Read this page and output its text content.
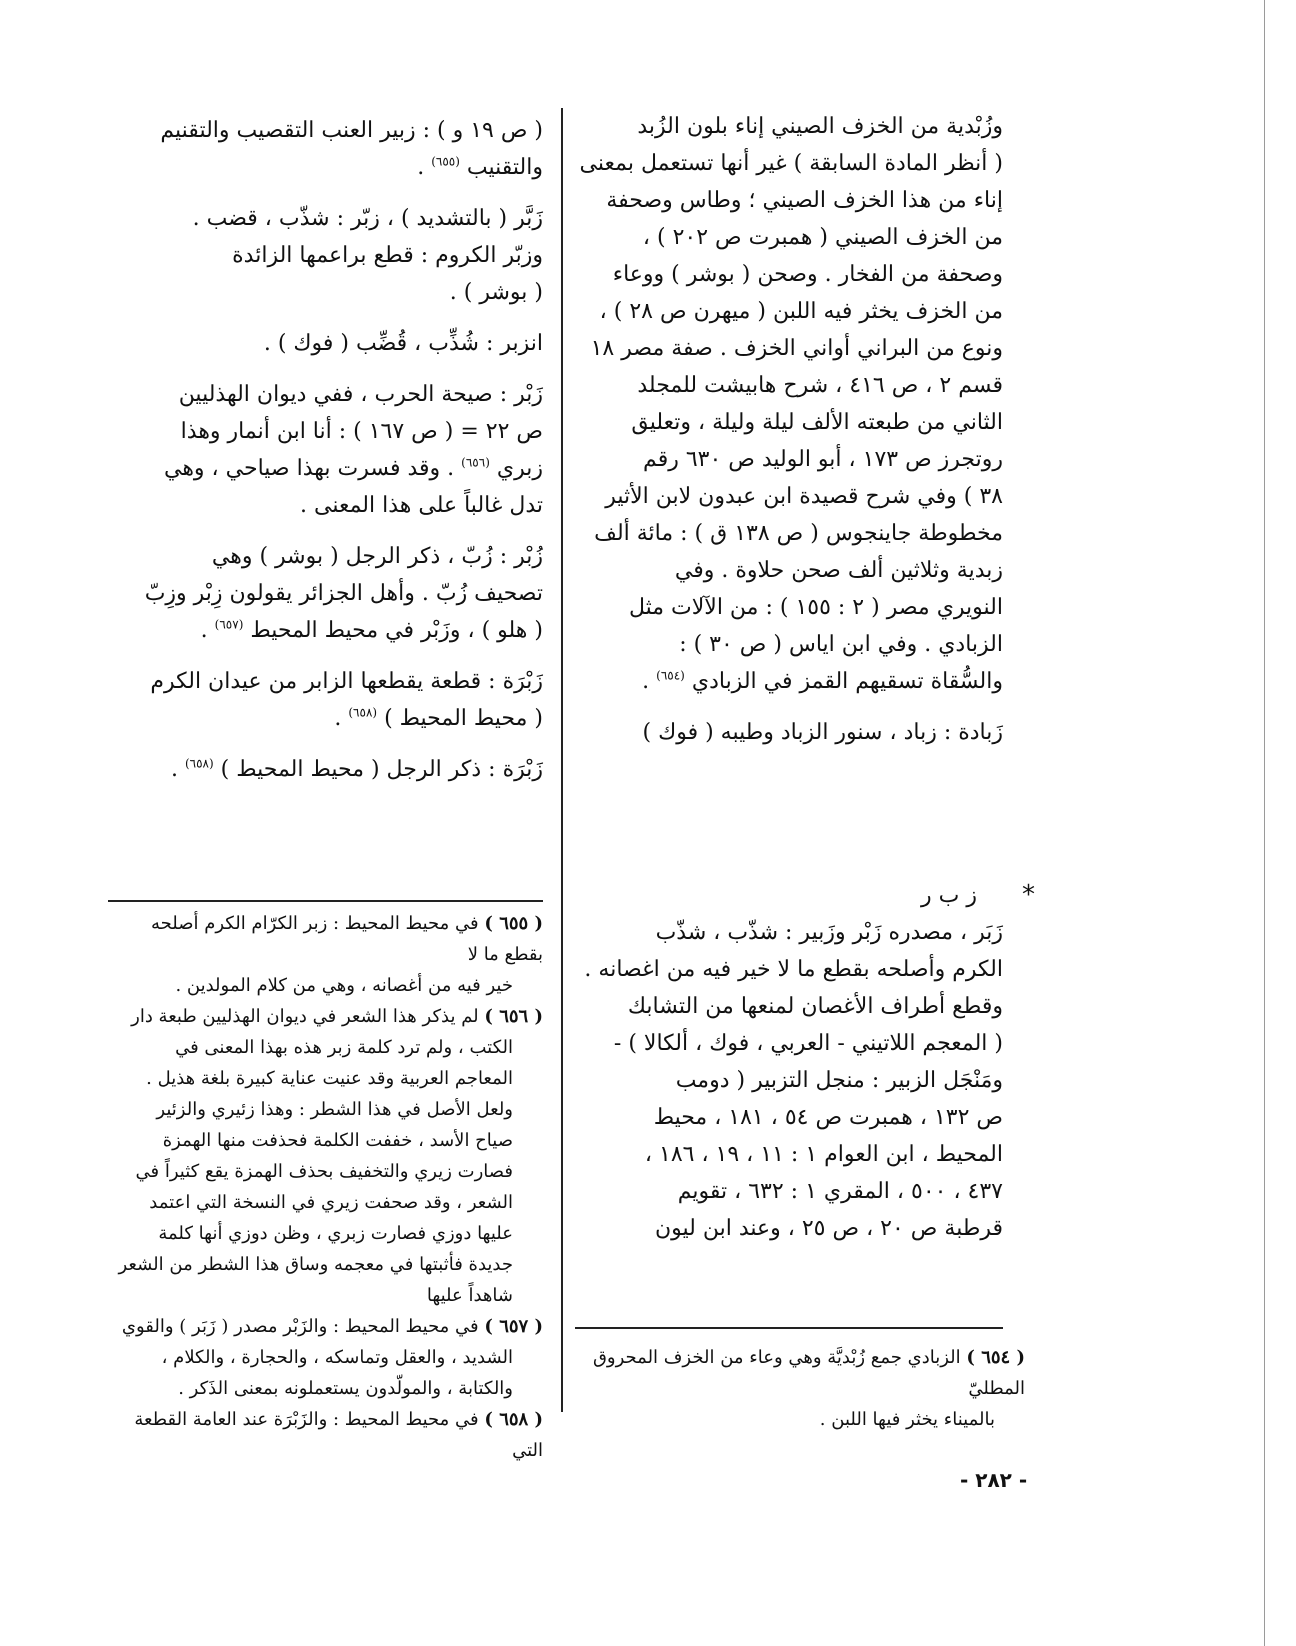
وزُبْدية من الخزف الصيني إناء بلون الزُبد
( أنظر المادة السابقة ) غير أنها تستعمل بمعنى
إناء من هذا الخزف الصيني ؛ وطاس وصحفة
من الخزف الصيني ( همبرت ص ٢٠٢ ) ،
وصحفة من الفخار . وصحن ( بوشر ) ووعاء
من الخزف يخثر فيه اللبن ( ميهرن ص ٢٨ ) ،
ونوع من البراني أواني الخزف . صفة مصر ١٨
قسم ٢ ، ص ٤١٦ ، شرح هابيشت للمجلد
الثاني من طبعته الألف ليلة وليلة ، وتعليق
روتجرز ص ١٧٣ ، أبو الوليد ص ٦٣٠ رقم
٣٨ ) وفي شرح قصيدة ابن عبدون لابن الأثير
مخطوطة جاينجوس ( ص ١٣٨ ق ) : مائة ألف
زبدية وثلاثين ألف صحن حلاوة . وفي
النويري مصر ( ٢ : ١٥٥ ) : من الآلات مثل
الزبادي . وفي ابن اياس ( ص ٣٠ ) :
والسُّقاة تسقيهم القمز في الزبادي $^{(٦٥٤)}$ .

زَبادة : زباد ، سنور الزباد وطيبه ( فوك )

*
ز ب ر

زَبَر ، مصدره زَبْر وزَبير : شذّب ، شذّب
الكرم وأصلحه بقطع ما لا خير فيه من اغصانه .
وقطع أطراف الأغصان لمنعها من التشابك
( المعجم اللاتيني - العربي ، فوك ، ألكالا ) -
ومَنْجَل الزبير : منجل التزبير ( دومب
ص ١٣٢ ، همبرت ص ٥٤ ، ١٨١ ، محيط
المحيط ، ابن العوام ١ : ١١ ، ١٩ ، ١٨٦ ،
٤٣٧ ، ٥٠٠ ، المقري ١ : ٦٣٢ ، تقويم
قرطبة ص ٢٠ ، ص ٢٥ ، وعند ابن ليون

( ٦٥٤ ) الزبادي جمع زُبْديَّة وهي وعاء من الخزف المحروق المطليّ

بالميناء يخثر فيها اللبن .

( ص ١٩ و ) : زبير العنب التقصيب والتقنيم
والتقنيب $^{(٦٥٥)}$ .

زَبَّر ( بالتشديد ) ، زبّر : شذّب ، قضب .
وزبّر الكروم : قطع براعمها الزائدة
( بوشر ) .

انزبر : شُذِّب ، قُضِّب ( فوك ) .

زَبْر : صيحة الحرب ، ففي ديوان الهذليين
ص ٢٢ = ( ص ١٦٧ ) : أنا ابن أنمار وهذا
زبري $^{(٦٥٦)}$ . وقد فسرت بهذا صياحي ، وهي
تدل غالباً على هذا المعنى .

زُبْر : زُبّ ، ذكر الرجل ( بوشر ) وهي
تصحيف زُبّ . وأهل الجزائر يقولون زِبْر وزِبّ
( هلو ) ، وزَبْر في محيط المحيط $^{(٦٥٧)}$ .

زَبْرَة : قطعة يقطعها الزابر من عيدان الكرم
( محيط المحيط ) $^{(٦٥٨)}$ .

زَبْرَة : ذكر الرجل ( محيط المحيط ) $^{(٦٥٨)}$ .

( ٦٥٥ ) في محيط المحيط : زبر الكرّام الكرم أصلحه بقطع ما لا

خير فيه من أغصانه ، وهي من كلام المولدين .

( ٦٥٦ ) لم يذكر هذا الشعر في ديوان الهذليين طبعة دار

الكتب ، ولم ترد كلمة زبر هذه بهذا المعنى في

المعاجم العربية وقد عنيت عناية كبيرة بلغة هذيل .

ولعل الأصل في هذا الشطر : وهذا زئيري والزئير

صياح الأسد ، خففت الكلمة فحذفت منها الهمزة

فصارت زيري والتخفيف بحذف الهمزة يقع كثيراً في

الشعر ، وقد صحفت زيري في النسخة التي اعتمد

عليها دوزي فصارت زبري ، وظن دوزي أنها كلمة

جديدة فأثبتها في معجمه وساق هذا الشطر من الشعر

شاهداً عليها

( ٦٥٧ ) في محيط المحيط : والزَبْر مصدر ( زَبَر ) والقوي

الشديد ، والعقل وتماسكه ، والحجارة ، والكلام ،

والكتابة ، والمولّدون يستعملونه بمعنى الذَكر .

( ٦٥٨ ) في محيط المحيط : والزَبْرَة عند العامة القطعة التي

- ٢٨٢ -
